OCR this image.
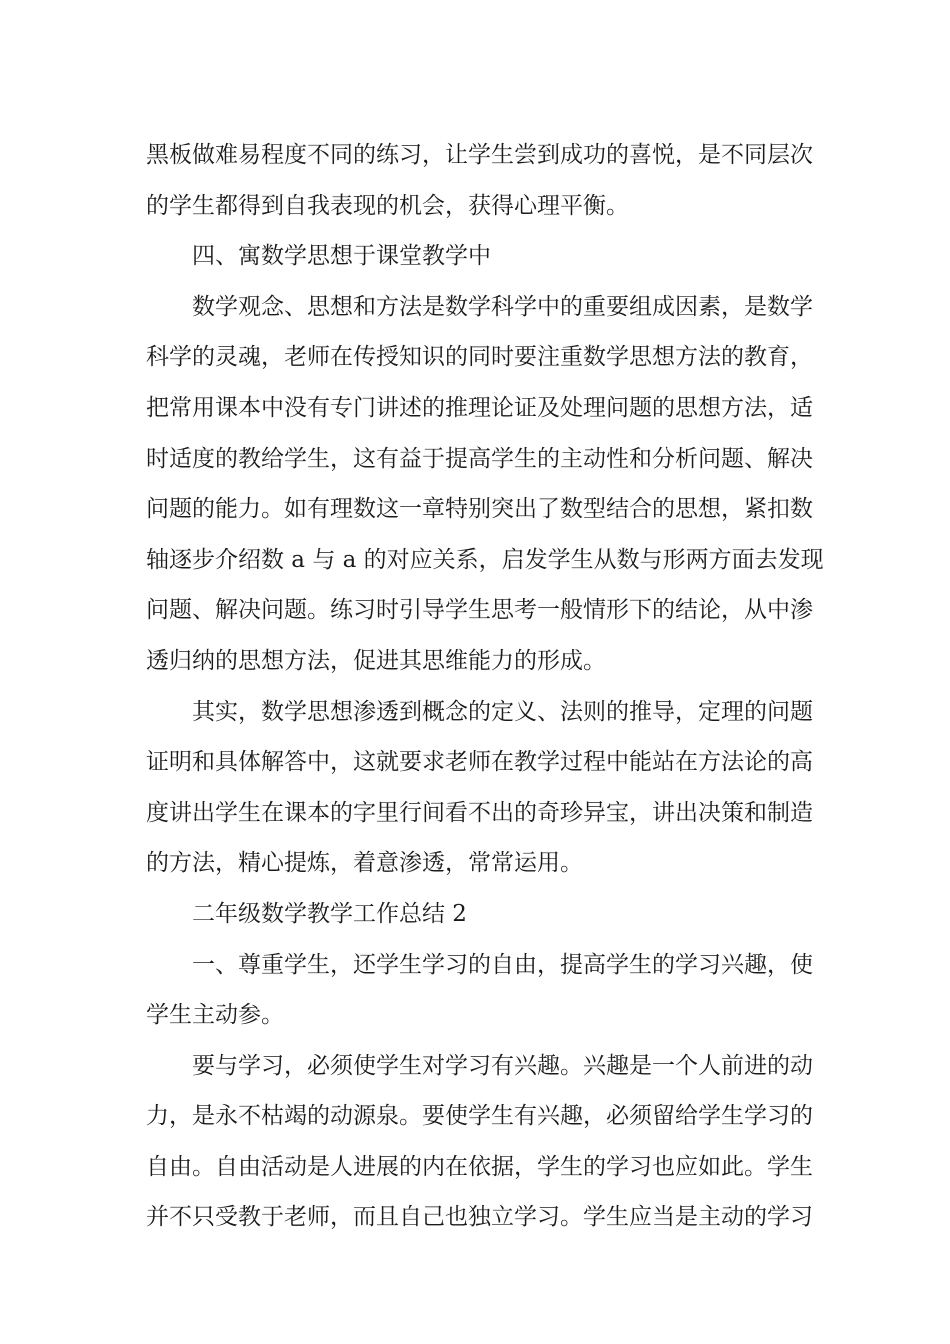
黑板做难易程度不同的练习，让学生尝到成功的喜悦，是不同层次
的学生都得到自我表现的机会，获得心理平衡。
四、寓数学思想于课堂教学中
数学观念、思想和方法是数学科学中的重要组成因素，是数学
科学的灵魂，老师在传授知识的同时要注重数学思想方法的教育，
把常用课本中没有专门讲述的推理论证及处理问题的思想方法，适
时适度的教给学生，这有益于提高学生的主动性和分析问题、解决
问题的能力。如有理数这一章特别突出了数型结合的思想，紧扣数
轴逐步介绍数 a 与 a 的对应关系，启发学生从数与形两方面去发现
问题、解决问题。练习时引导学生思考一般情形下的结论，从中渗
透归纳的思想方法，促进其思维能力的形成。
其实，数学思想渗透到概念的定义、法则的推导，定理的问题
证明和具体解答中，这就要求老师在教学过程中能站在方法论的高
度讲出学生在课本的字里行间看不出的奇珍异宝，讲出决策和制造
的方法，精心提炼，着意渗透，常常运用。
二年级数学教学工作总结 2
一、尊重学生，还学生学习的自由，提高学生的学习兴趣，使
学生主动参。
要与学习，必须使学生对学习有兴趣。兴趣是一个人前进的动
力，是永不枯竭的动源泉。要使学生有兴趣，必须留给学生学习的
自由。自由活动是人进展的内在依据，学生的学习也应如此。学生
并不只受教于老师，而且自己也独立学习。学生应当是主动的学习
